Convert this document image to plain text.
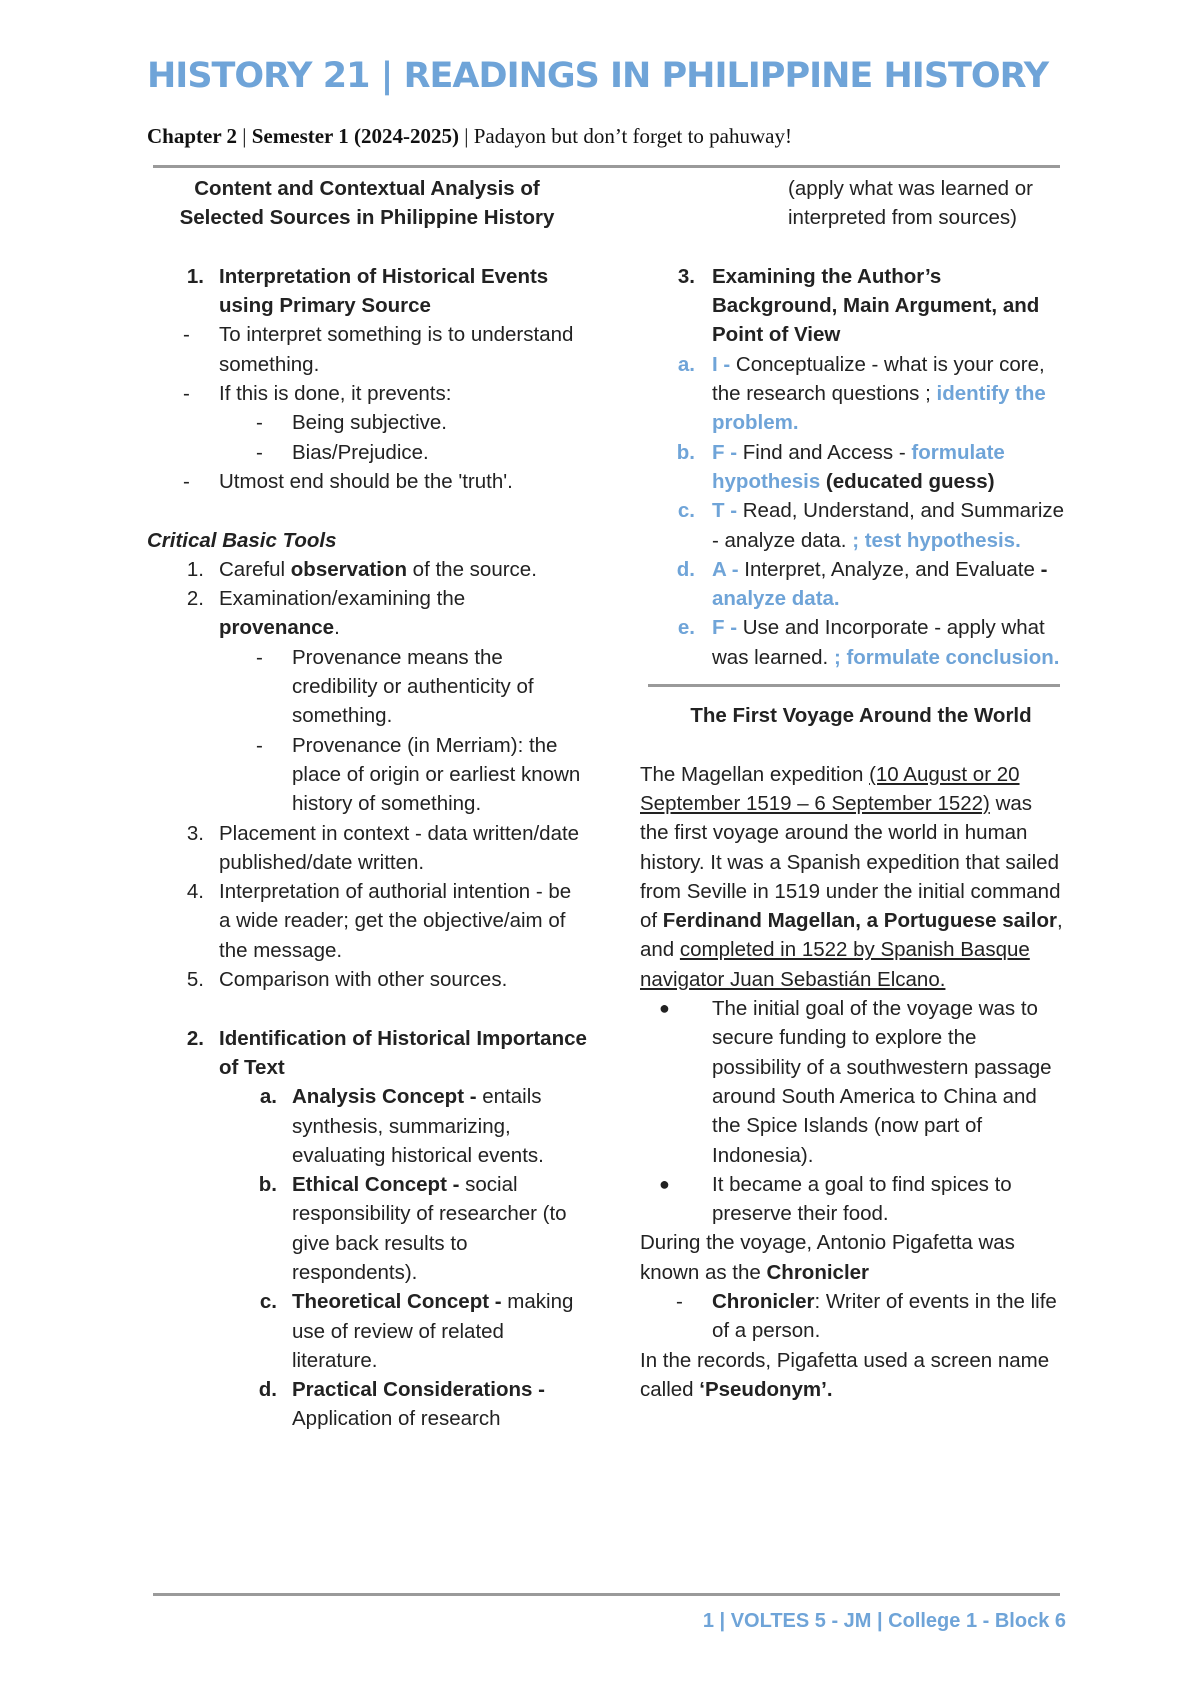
HISTORY 21 | READINGS IN PHILIPPINE HISTORY

Chapter 2 | Semester 1 (2024-2025) | Padayon but don’t forget to pahuway!

Content and Contextual Analysis of

Selected Sources in Philippine History

1. Interpretation of Historical Events using Primary Source
- To interpret something is to understand something.
- If this is done, it prevents:
- Being subjective.
- Bias/Prejudice.
- Utmost end should be the 'truth'.

Critical Basic Tools

1. Careful observation of the source.
2. Examination/examining the provenance.
- Provenance means the credibility or authenticity of something.
- Provenance (in Merriam): the place of origin or earliest known history of something.
3. Placement in context - data written/date published/date written.
4. Interpretation of authorial intention - be a wide reader; get the objective/aim of the message.
5. Comparison with other sources.
2. Identification of Historical Importance of Text
a. Analysis Concept - entails synthesis, summarizing, evaluating historical events.
b. Ethical Concept - social responsibility of researcher (to give back results to respondents).
c. Theoretical Concept - making use of review of related literature.
d. Practical Considerations - Application of research

(apply what was learned or interpreted from sources)

3. Examining the Author’s Background, Main Argument, and Point of View
a. I - Conceptualize - what is your core, the research questions ; identify the problem.
b. F - Find and Access - formulate hypothesis (educated guess)
c. T - Read, Understand, and Summarize - analyze data. ; test hypothesis.
d. A - Interpret, Analyze, and Evaluate - analyze data.
e. F - Use and Incorporate - apply what was learned. ; formulate conclusion.

The First Voyage Around the World

The Magellan expedition (10 August or 20 September 1519 – 6 September 1522) was the first voyage around the world in human history. It was a Spanish expedition that sailed from Seville in 1519 under the initial command of Ferdinand Magellan, a Portuguese sailor, and completed in 1522 by Spanish Basque navigator Juan Sebastián Elcano.

● The initial goal of the voyage was to secure funding to explore the possibility of a southwestern passage around South America to China and the Spice Islands (now part of Indonesia).
● It became a goal to find spices to preserve their food.

During the voyage, Antonio Pigafetta was known as the Chronicler

- Chronicler: Writer of events in the life of a person.

In the records, Pigafetta used a screen name called ‘Pseudonym’.

1 | VOLTES 5 - JM | College 1 - Block 6
